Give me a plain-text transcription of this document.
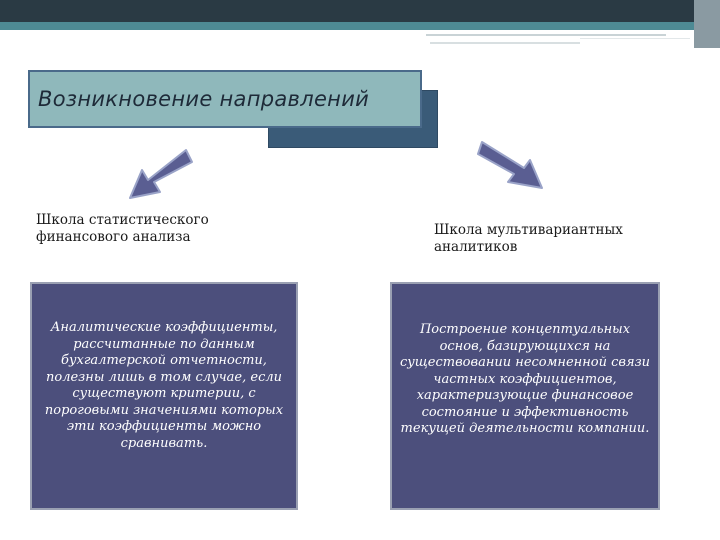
Возникновение направлений
Школа статистического финансового анализа	Школа мультивариантных аналитиков
Аналитические коэффициенты, рассчитанные по данным бухгалтерской отчетности, полезны лишь в том случае, если существуют критерии, с пороговыми значениями которых эти коэффициенты можно сравнивать.
Построение концептуальных основ, базирующихся на существовании несомненной связи частных коэффициентов, характеризующие финансовое состояние и эффективность текущей деятельности компании.
